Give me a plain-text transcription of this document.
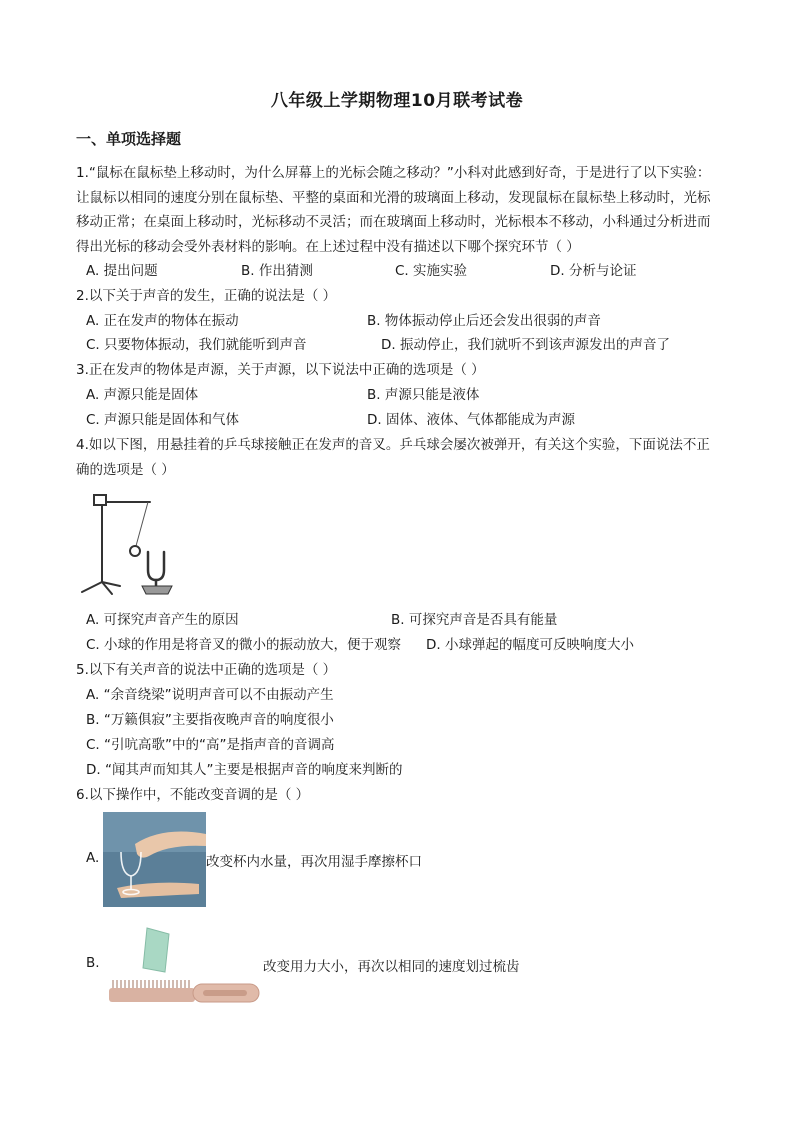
八年级上学期物理10月联考试卷
一、单项选择题
1.“鼠标在鼠标垫上移动时，为什么屏幕上的光标会随之移动？”小科对此感到好奇，于是进行了以下实验：让鼠标以相同的速度分别在鼠标垫、平整的桌面和光滑的玻璃面上移动，发现鼠标在鼠标垫上移动时，光标移动正常；在桌面上移动时，光标移动不灵活；而在玻璃面上移动时，光标根本不移动，小科通过分析进而得出光标的移动会受外表材料的影响。在上述过程中没有描述以下哪个探究环节（ ）
A. 提出问题	B. 作出猜测	C. 实施实验	D. 分析与论证
2.以下关于声音的发生，正确的说法是（ ）
A. 正在发声的物体在振动	B. 物体振动停止后还会发出很弱的声音
C. 只要物体振动，我们就能听到声音	D. 振动停止，我们就听不到该声源发出的声音了
3.正在发声的物体是声源，关于声源，以下说法中正确的选项是（ ）
A. 声源只能是固体	B. 声源只能是液体
C. 声源只能是固体和气体	D. 固体、液体、气体都能成为声源
4.如以下图，用悬挂着的乒乓球接触正在发声的音叉。乒乓球会屡次被弹开，有关这个实验，下面说法不正确的选项是（ ）
A. 可探究声音产生的原因	B. 可探究声音是否具有能量
C. 小球的作用是将音叉的微小的振动放大，便于观察 D. 小球弹起的幅度可反映响度大小
5.以下有关声音的说法中正确的选项是（ ）
A. “余音绕梁”说明声音可以不由振动产生
B. “万籁俱寂”主要指夜晚声音的响度很小
C. “引吭高歌”中的“高”是指声音的音调高
D. “闻其声而知其人”主要是根据声音的响度来判断的
6.以下操作中，不能改变音调的是（ ）
A.	改变杯内水量，再次用湿手摩擦杯口
B.	改变用力大小，再次以相同的速度划过梳齿
